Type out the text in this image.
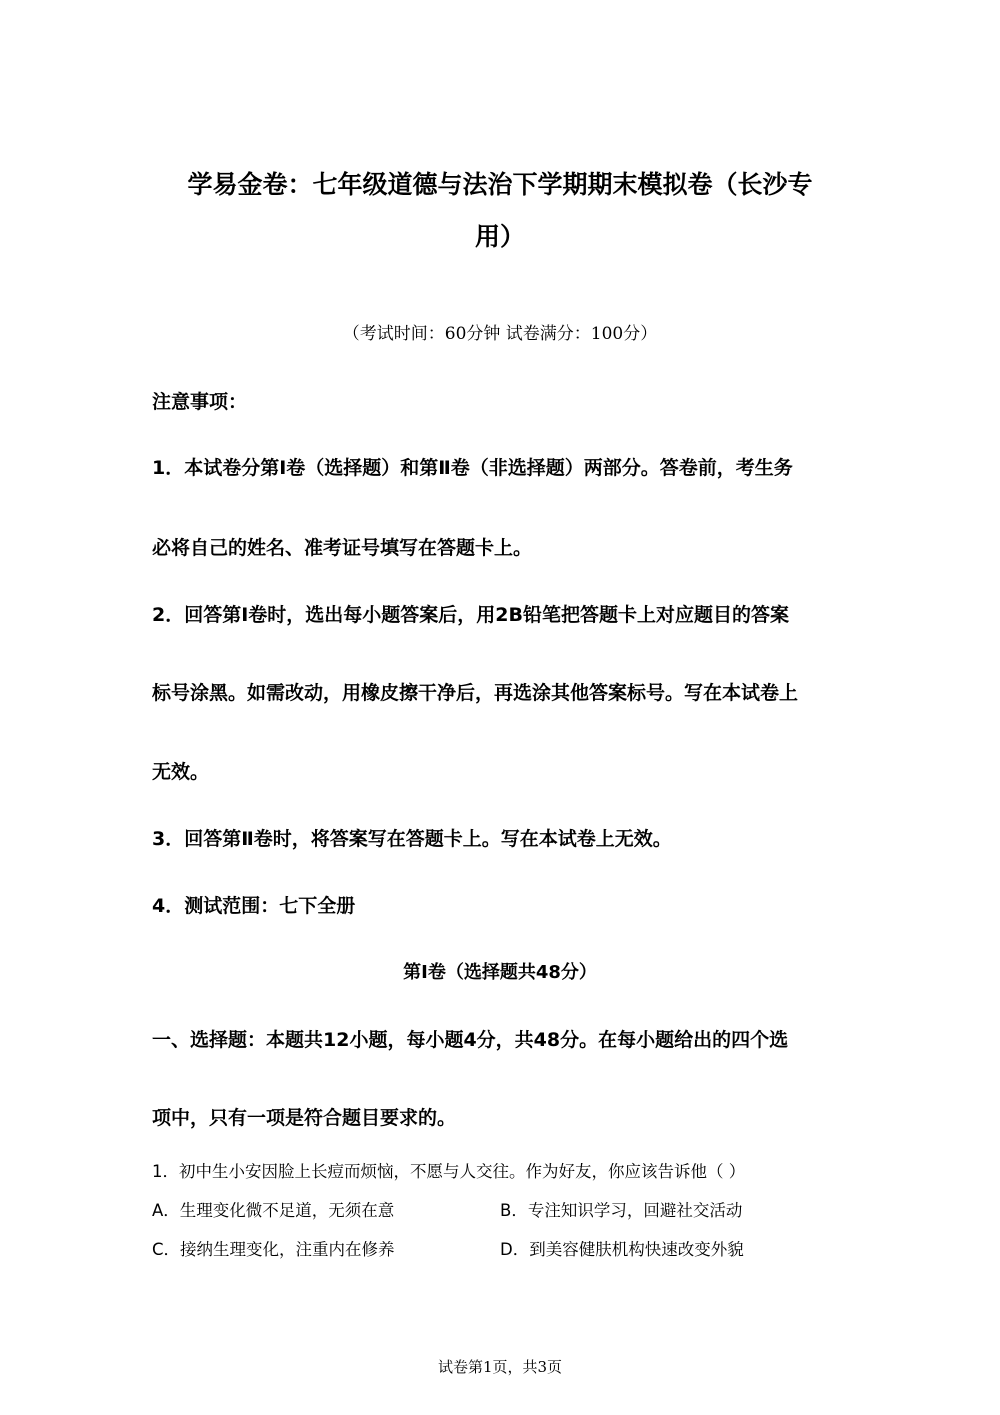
学易金卷：七年级道德与法治下学期期末模拟卷（长沙专
用）
（考试时间：60分钟 试卷满分：100分）
注意事项：
1．本试卷分第Ⅰ卷（选择题）和第Ⅱ卷（非选择题）两部分。答卷前，考生务
必将自己的姓名、准考证号填写在答题卡上。
2．回答第Ⅰ卷时，选出每小题答案后，用2B铅笔把答题卡上对应题目的答案
标号涂黑。如需改动，用橡皮擦干净后，再选涂其他答案标号。写在本试卷上
无效。
3．回答第Ⅱ卷时，将答案写在答题卡上。写在本试卷上无效。
4．测试范围：七下全册
第Ⅰ卷（选择题共48分）
一、选择题：本题共12小题，每小题4分，共48分。在每小题给出的四个选
项中，只有一项是符合题目要求的。
1．初中生小安因脸上长痘而烦恼，不愿与人交往。作为好友，你应该告诉他（ ）
A．生理变化微不足道，无须在意	B．专注知识学习，回避社交活动
C．接纳生理变化，注重内在修养	D．到美容健肤机构快速改变外貌
试卷第1页，共3页
